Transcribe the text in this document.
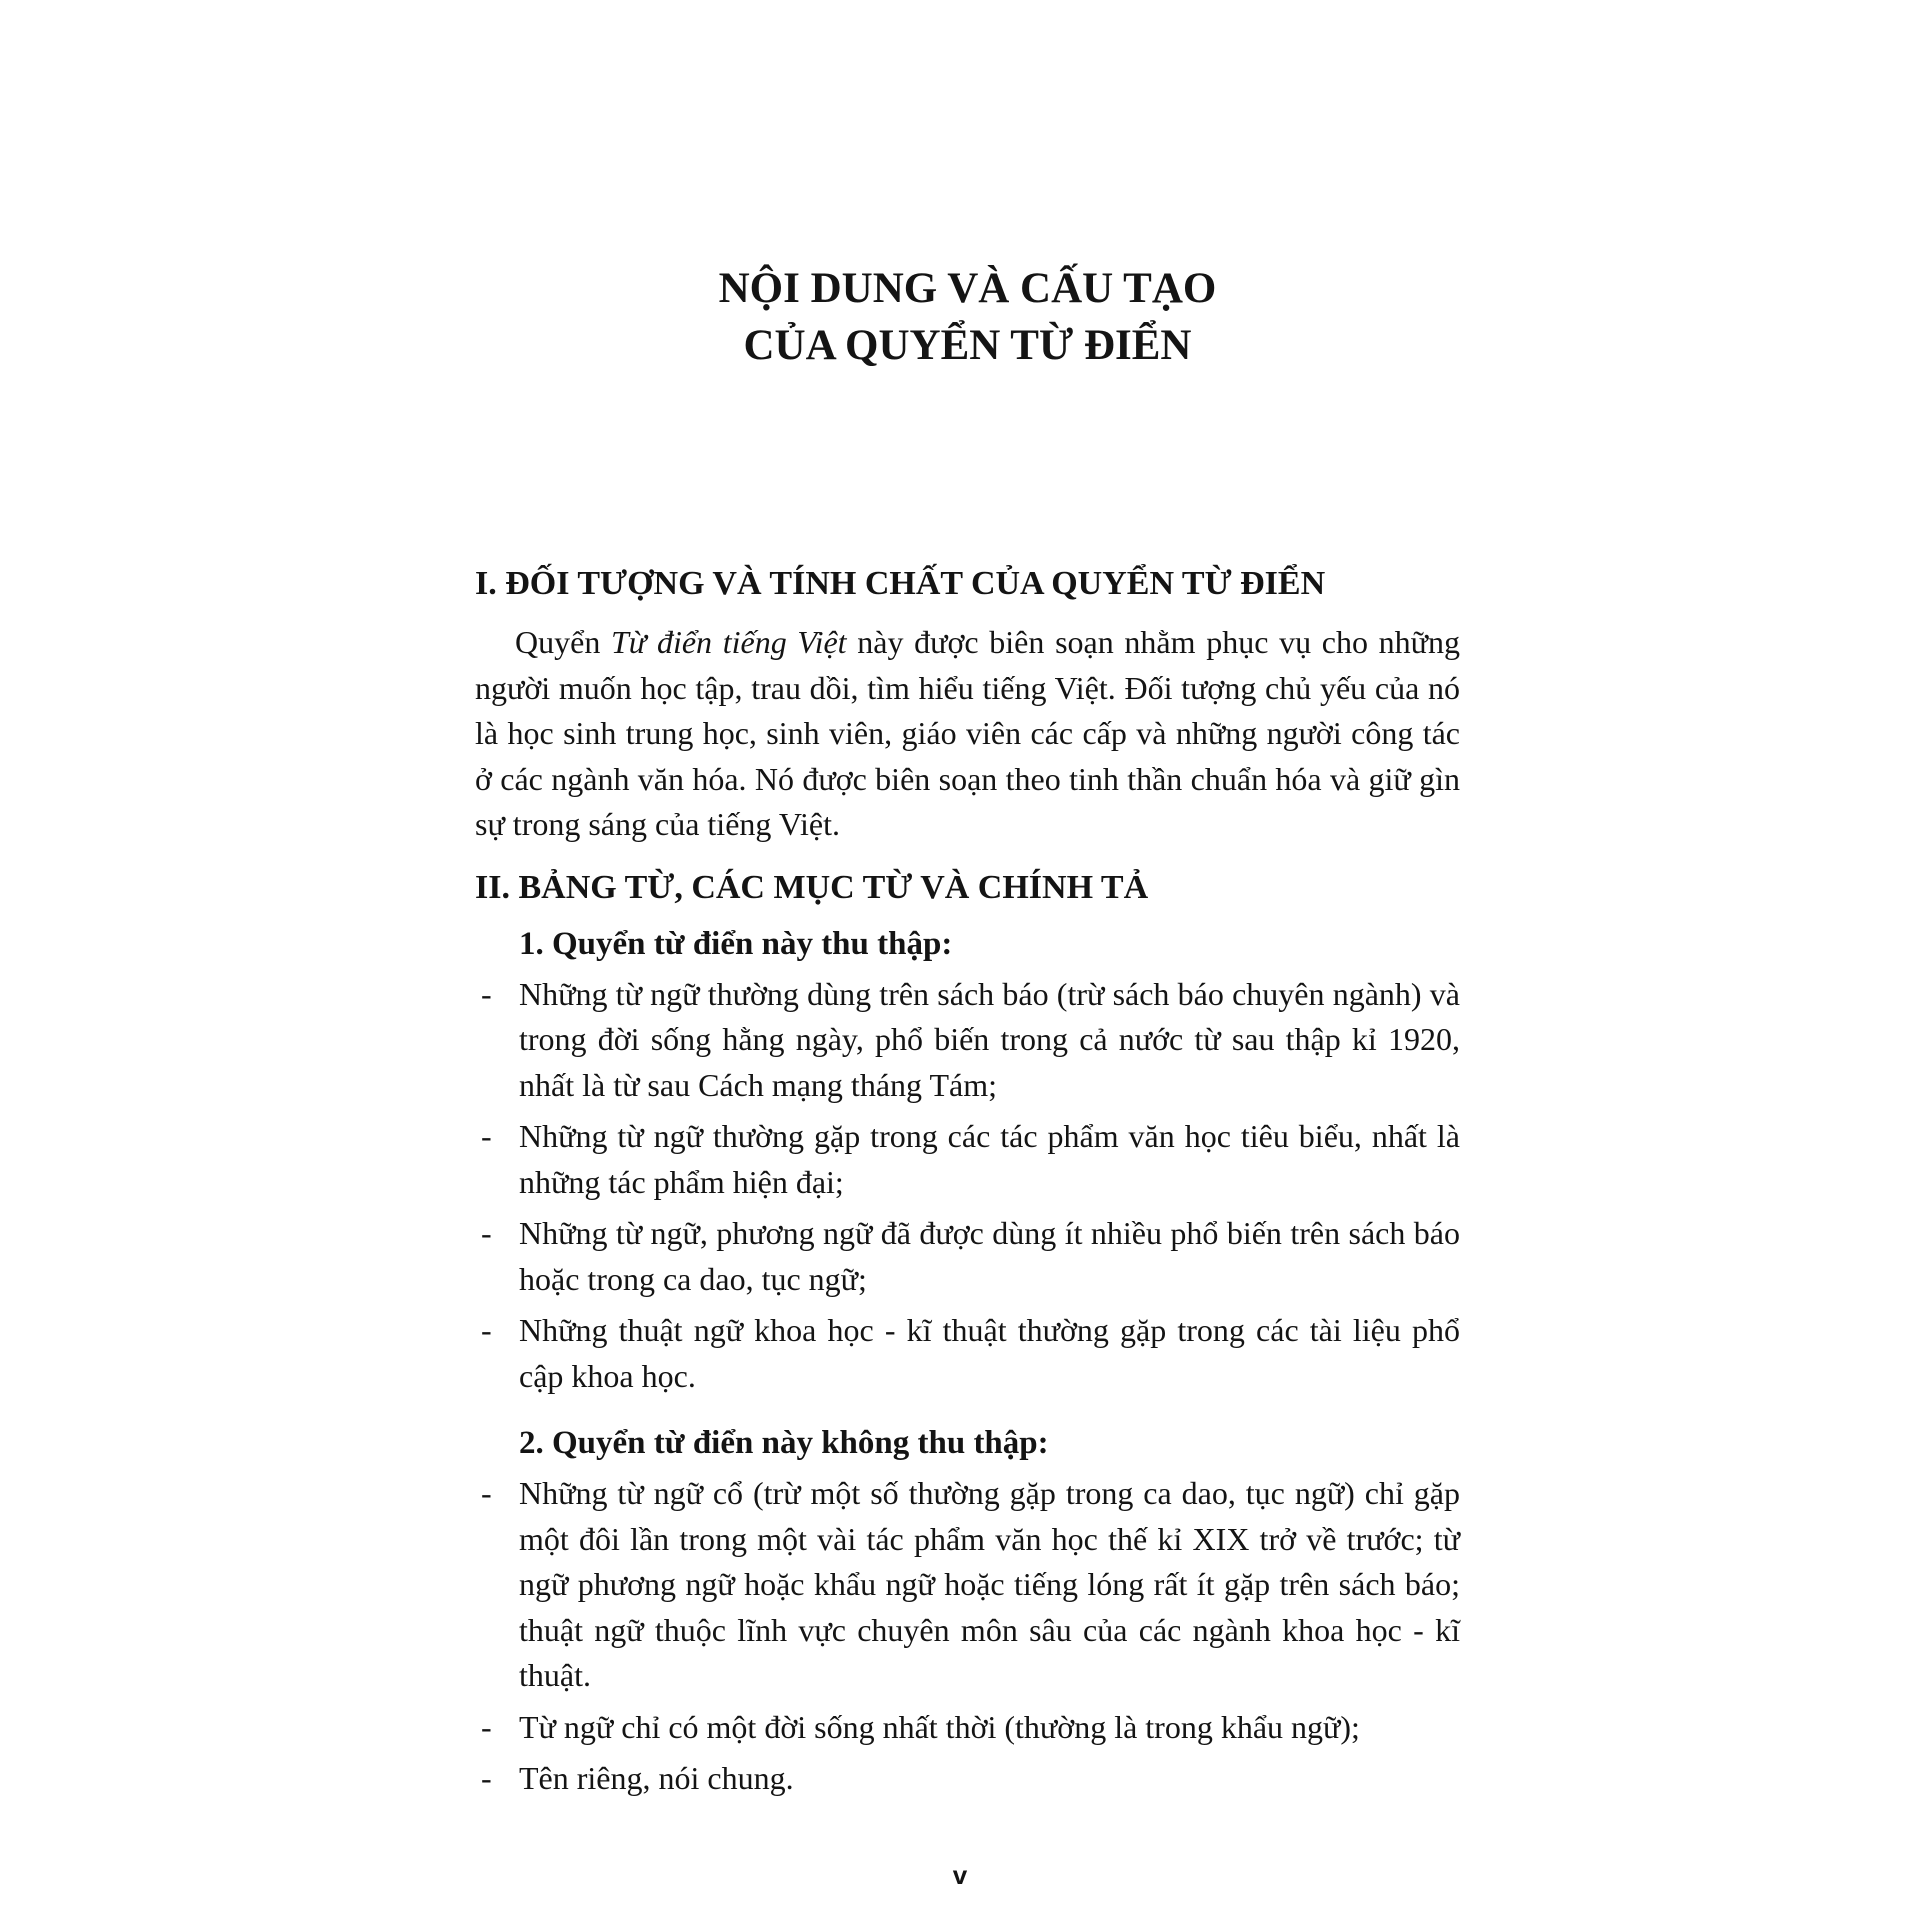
NỘI DUNG VÀ CẤU TẠO
CỦA QUYỂN TỪ ĐIỂN
I. ĐỐI TƯỢNG VÀ TÍNH CHẤT CỦA QUYỂN TỪ ĐIỂN

Quyển Từ điển tiếng Việt này được biên soạn nhằm phục vụ cho những người muốn học tập, trau dồi, tìm hiểu tiếng Việt. Đối tượng chủ yếu của nó là học sinh trung học, sinh viên, giáo viên các cấp và những người công tác ở các ngành văn hóa. Nó được biên soạn theo tinh thần chuẩn hóa và giữ gìn sự trong sáng của tiếng Việt.

II. BẢNG TỪ, CÁC MỤC TỪ VÀ CHÍNH TẢ
1. Quyển từ điển này thu thập:
- Những từ ngữ thường dùng trên sách báo (trừ sách báo chuyên ngành) và trong đời sống hằng ngày, phổ biến trong cả nước từ sau thập kỉ 1920, nhất là từ sau Cách mạng tháng Tám;
- Những từ ngữ thường gặp trong các tác phẩm văn học tiêu biểu, nhất là những tác phẩm hiện đại;
- Những từ ngữ, phương ngữ đã được dùng ít nhiều phổ biến trên sách báo hoặc trong ca dao, tục ngữ;
- Những thuật ngữ khoa học - kĩ thuật thường gặp trong các tài liệu phổ cập khoa học.
2. Quyển từ điển này không thu thập:
- Những từ ngữ cổ (trừ một số thường gặp trong ca dao, tục ngữ) chỉ gặp một đôi lần trong một vài tác phẩm văn học thế kỉ XIX trở về trước; từ ngữ phương ngữ hoặc khẩu ngữ hoặc tiếng lóng rất ít gặp trên sách báo; thuật ngữ thuộc lĩnh vực chuyên môn sâu của các ngành khoa học - kĩ thuật.
- Từ ngữ chỉ có một đời sống nhất thời (thường là trong khẩu ngữ);
- Tên riêng, nói chung.
v
